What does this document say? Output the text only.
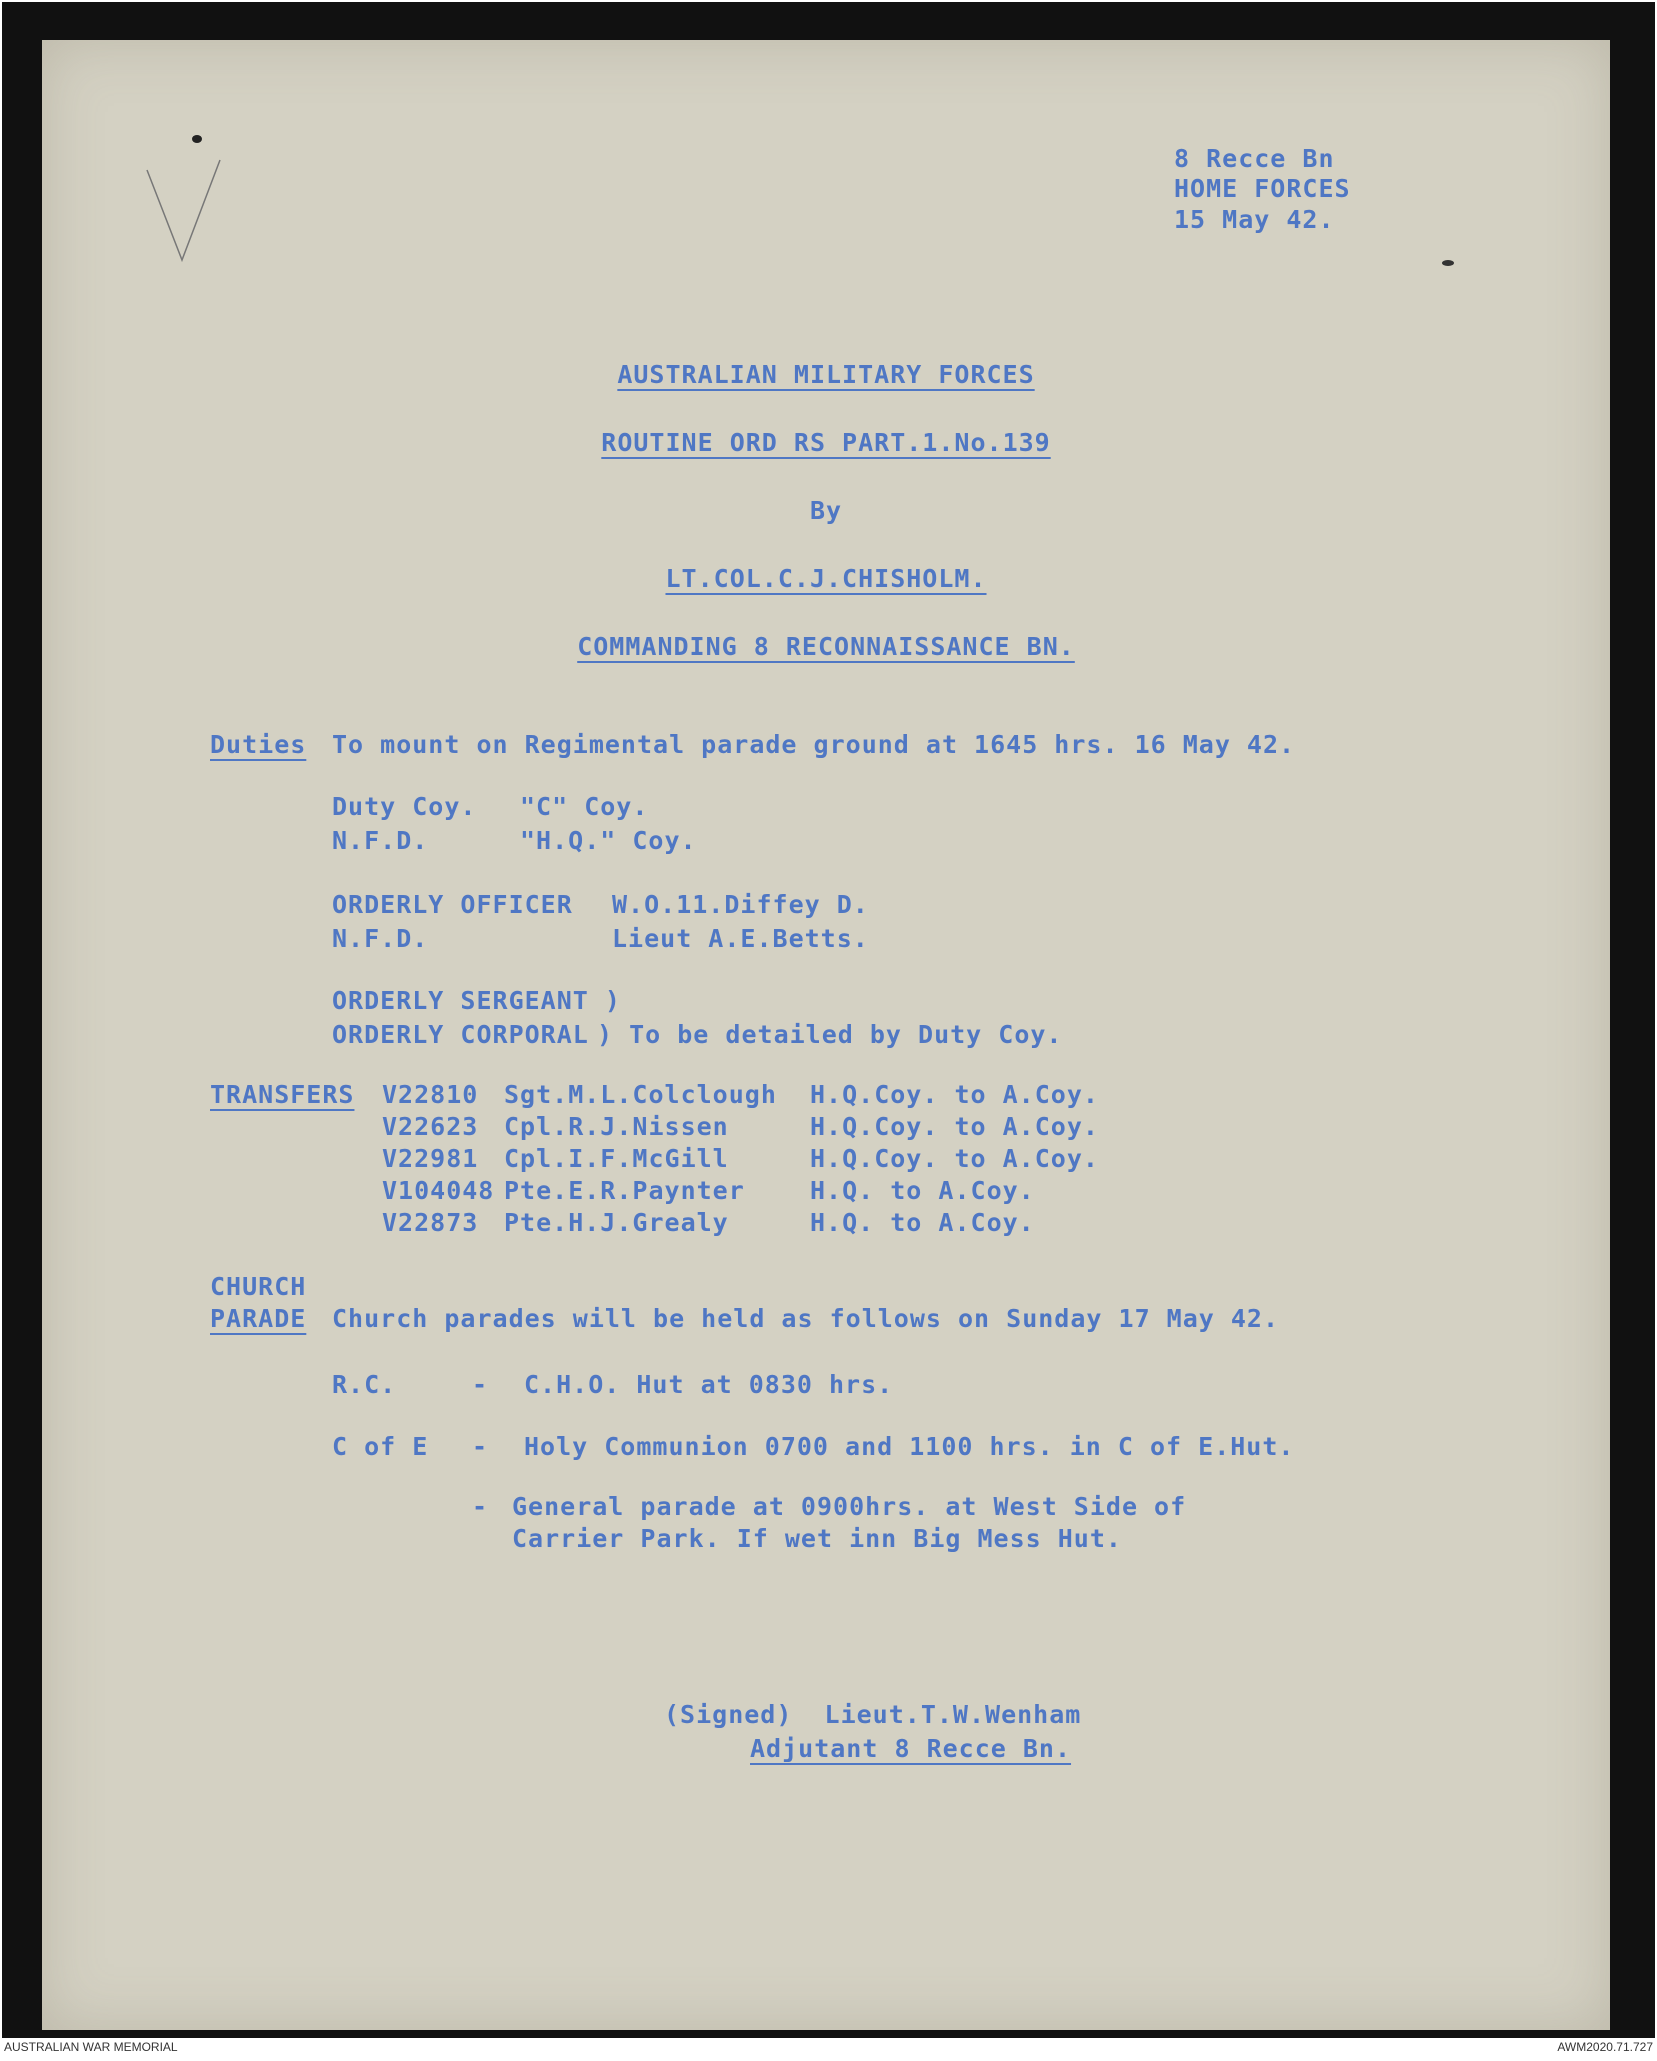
8 Recce Bn
HOME FORCES
15 May 42.
AUSTRALIAN MILITARY FORCES
ROUTINE ORD RS PART.1.No.139
By
LT.COL.C.J.CHISHOLM.
COMMANDING 8 RECONNAISSANCE BN.
Duties To mount on Regimental parade ground at 1645 hrs. 16 May 42.
Duty Coy. "C" Coy.
N.F.D.	"H.Q." Coy.
ORDERLY OFFICER W.O.11.Diffey D.
N.F.D.	Lieut A.E.Betts.
ORDERLY SERGEANT )
ORDERLY CORPORAL ) To be detailed by Duty Coy.
TRANSFERS V22810 Sgt.M.L.Colclough H.Q.Coy. to A.Coy.
V22623 Cpl.R.J.Nissen	H.Q.Coy. to A.Coy.
V22981 Cpl.I.F.McGill	H.Q.Coy. to A.Coy.
V104048 Pte.E.R.Paynter	H.Q. to A.Coy.
V22873 Pte.H.J.Grealy	H.Q. to A.Coy.
CHURCH
PARADE Church parades will be held as follows on Sunday 17 May 42.
R.C.	- C.H.O. Hut at 0830 hrs.
C of E - Holy Communion 0700 and 1100 hrs. in C of E.Hut.
- General parade at 0900hrs. at West Side of
Carrier Park. If wet inn Big Mess Hut.
(Signed)  Lieut.T.W.Wenham
Adjutant 8 Recce Bn.
AUSTRALIAN WAR MEMORIAL	AWM2020.71.727
